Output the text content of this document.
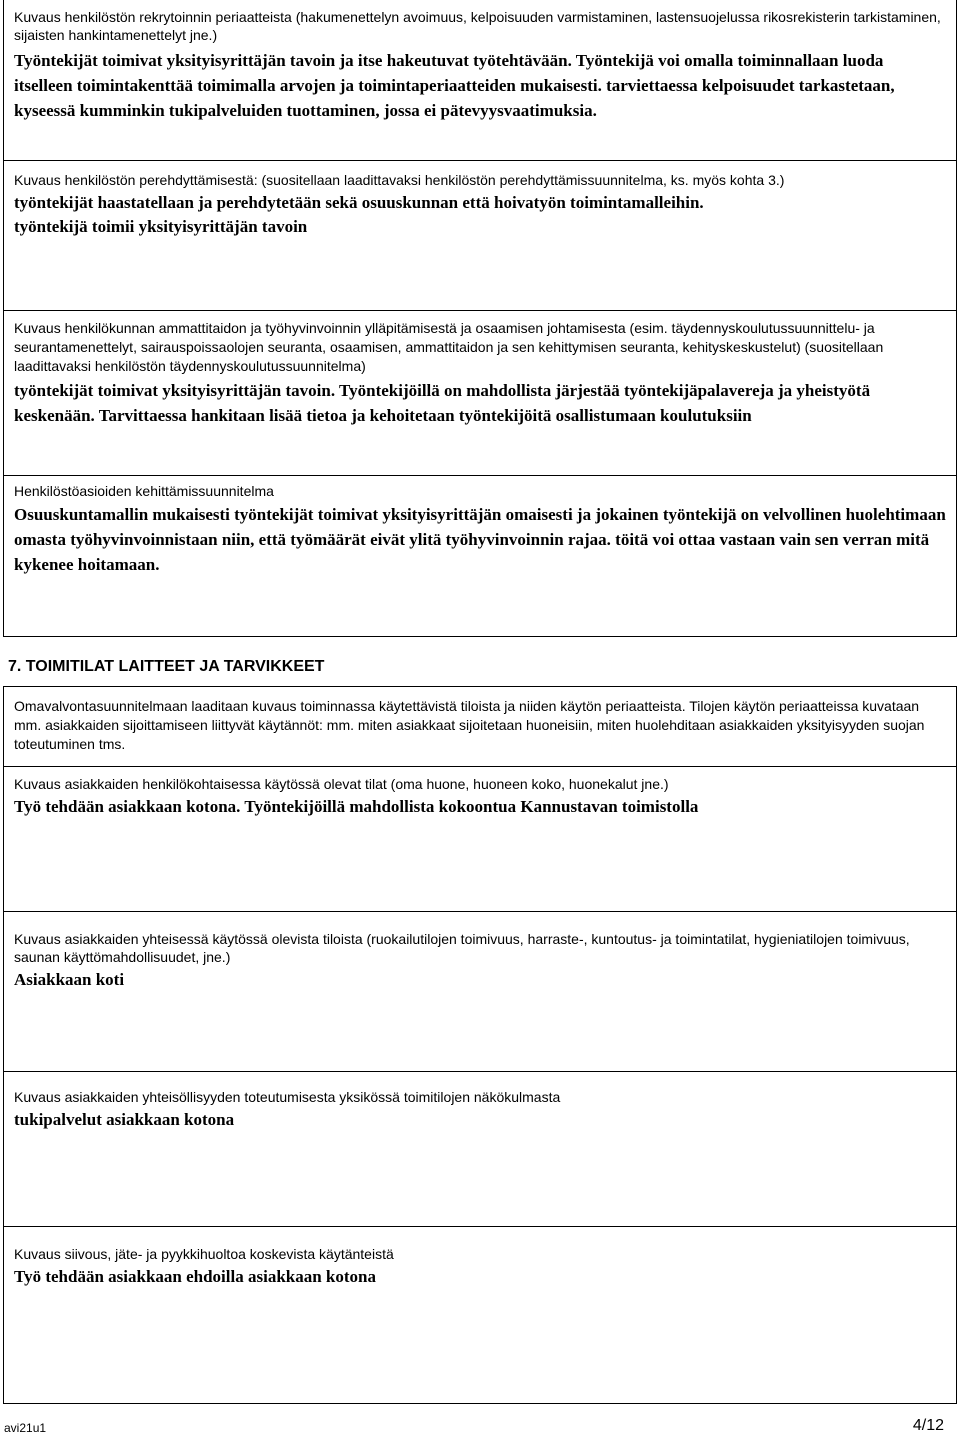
Kuvaus henkilöstön rekrytoinnin periaatteista (hakumenettelyn avoimuus, kelpoisuuden varmistaminen, lastensuojelussa rikosrekisterin tarkistaminen, sijaisten hankintamenettelyt jne.)

Työntekijät toimivat yksityisyrittäjän tavoin ja itse hakeutuvat työtehtävään. Työntekijä voi omalla toiminnallaan luoda itselleen toimintakenttää toimimalla arvojen ja toimintaperiaatteiden mukaisesti. tarviettaessa kelpoisuudet tarkastetaan, kyseessä kumminkin tukipalveluiden tuottaminen, jossa ei pätevyysvaatimuksia.

Kuvaus henkilöstön perehdyttämisestä: (suositellaan laadittavaksi henkilöstön perehdyttämissuunnitelma, ks. myös kohta 3.)

työntekijät haastatellaan ja perehdytetään sekä osuuskunnan että hoivatyön toimintamalleihin.

työntekijä toimii yksityisyrittäjän tavoin

Kuvaus henkilökunnan ammattitaidon ja työhyvinvoinnin ylläpitämisestä ja osaamisen johtamisesta (esim. täydennyskoulutussuunnittelu- ja seurantamenettelyt, sairauspoissaolojen seuranta, osaamisen, ammattitaidon ja sen kehittymisen seuranta, kehityskeskustelut) (suositellaan laadittavaksi henkilöstön täydennyskoulutussuunnitelma)

työntekijät toimivat yksityisyrittäjän tavoin. Työntekijöillä on mahdollista järjestää työntekijäpalavereja ja yheistyötä keskenään. Tarvittaessa hankitaan lisää tietoa ja kehoitetaan työntekijöitä osallistumaan koulutuksiin

Henkilöstöasioiden kehittämissuunnitelma

Osuuskuntamallin mukaisesti työntekijät toimivat yksityisyrittäjän omaisesti ja jokainen työntekijä on velvollinen huolehtimaan omasta työhyvinvoinnistaan niin, että työmäärät eivät ylitä työhyvinvoinnin rajaa. töitä voi ottaa vastaan vain sen verran mitä kykenee hoitamaan.

7. TOIMITILAT LAITTEET JA TARVIKKEET

Omavalvontasuunnitelmaan laaditaan kuvaus toiminnassa käytettävistä tiloista ja niiden käytön periaatteista. Tilojen käytön periaatteissa kuvataan mm. asiakkaiden sijoittamiseen liittyvät käytännöt: mm. miten asiakkaat sijoitetaan huoneisiin, miten huolehditaan asiakkaiden yksityisyyden suojan toteutuminen tms.

Kuvaus asiakkaiden henkilökohtaisessa käytössä olevat tilat (oma huone, huoneen koko, huonekalut jne.)

Työ tehdään asiakkaan kotona. Työntekijöillä mahdollista kokoontua Kannustavan toimistolla

Kuvaus asiakkaiden yhteisessä käytössä olevista tiloista (ruokailutilojen toimivuus, harraste-, kuntoutus- ja toimintatilat, hygieniatilojen toimivuus, saunan käyttömahdollisuudet, jne.)

Asiakkaan koti

Kuvaus asiakkaiden yhteisöllisyyden toteutumisesta yksikössä toimitilojen näkökulmasta

tukipalvelut asiakkaan kotona

Kuvaus siivous, jäte- ja pyykkihuoltoa koskevista käytänteistä

Työ tehdään asiakkaan ehdoilla asiakkaan kotona

avi21u1	4/12
